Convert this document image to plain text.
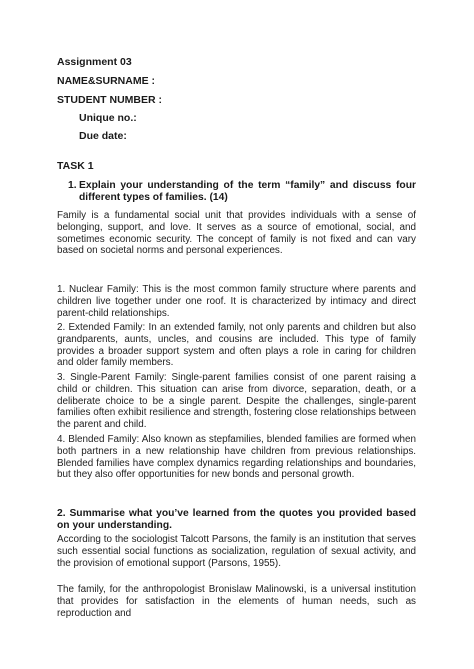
Assignment 03
NAME&SURNAME :
STUDENT NUMBER :
Unique no.:
Due date:
TASK 1
1. Explain your understanding of the term “family” and discuss four different types of families. (14)
Family is a fundamental social unit that provides individuals with a sense of belonging, support, and love. It serves as a source of emotional, social, and sometimes economic security. The concept of family is not fixed and can vary based on societal norms and personal experiences.
1. Nuclear Family: This is the most common family structure where parents and children live together under one roof. It is characterized by intimacy and direct parent-child relationships.
2. Extended Family: In an extended family, not only parents and children but also grandparents, aunts, uncles, and cousins are included. This type of family provides a broader support system and often plays a role in caring for children and older family members.
3. Single-Parent Family: Single-parent families consist of one parent raising a child or children. This situation can arise from divorce, separation, death, or a deliberate choice to be a single parent. Despite the challenges, single-parent families often exhibit resilience and strength, fostering close relationships between the parent and child.
4. Blended Family: Also known as stepfamilies, blended families are formed when both partners in a new relationship have children from previous relationships. Blended families have complex dynamics regarding relationships and boundaries, but they also offer opportunities for new bonds and personal growth.
2. Summarise what you’ve learned from the quotes you provided based on your understanding.
According to the sociologist Talcott Parsons, the family is an institution that serves such essential social functions as socialization, regulation of sexual activity, and the provision of emotional support (Parsons, 1955).
The family, for the anthropologist Bronislaw Malinowski, is a universal institution that provides for satisfaction in the elements of human needs, such as reproduction and
